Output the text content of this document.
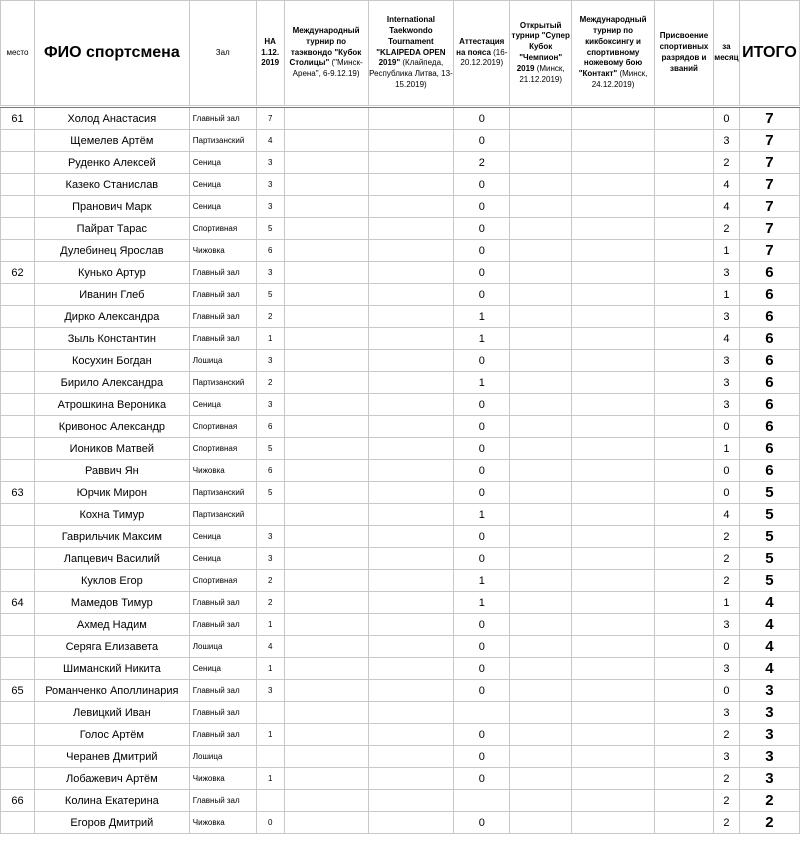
место	ФИО спортсмена	Зал	НА 1.12. 2019	Международный турнир по таэквондо "Кубок Столицы" ("Минск-Арена", 6-9.12.19)	International Taekwondo Tournament "KLAIPEDA OPEN 2019" (Клайпеда, Республика Литва, 13-15.2019)	Аттестация на пояса (16-20.12.2019)	Открытый турнир "Супер Кубок "Чемпион" 2019 (Минск, 21.12.2019)	Международный турнир по кикбоксингу и спортивному ножевому бою "Контакт" (Минск, 24.12.2019)	Присвоение спортивных разрядов и званий	за месяц	ИТОГО

61	Холод Анастасия	Главный зал	7			0				0	7
	Щемелев Артём	Партизанский	4			0				3	7
	Руденко Алексей	Сеница	3			2				2	7
	Казеко Станислав	Сеница	3			0				4	7
	Пранович Марк	Сеница	3			0				4	7
	Пайрат Тарас	Спортивная	5			0				2	7
	Дулебинец Ярослав	Чижовка	6			0				1	7
62	Кунько Артур	Главный зал	3			0				3	6
	Иванин Глеб	Главный зал	5			0				1	6
	Дирко Александра	Главный зал	2			1				3	6
	Зыль Константин	Главный зал	1			1				4	6
	Косухин Богдан	Лошица	3			0				3	6
	Бирило Александра	Партизанский	2			1				3	6
	Атрошкина Вероника	Сеница	3			0				3	6
	Кривонос Александр	Спортивная	6			0				0	6
	Иоников Матвей	Спортивная	5			0				1	6
	Раввич Ян	Чижовка	6			0				0	6
63	Юрчик Мирон	Партизанский	5			0				0	5
	Кохна Тимур	Партизанский				1				4	5
	Гаврильчик Максим	Сеница	3			0				2	5
	Лапцевич Василий	Сеница	3			0				2	5
	Куклов Егор	Спортивная	2			1				2	5
64	Мамедов Тимур	Главный зал	2			1				1	4
	Ахмед Надим	Главный зал	1			0				3	4
	Серяга Елизавета	Лошица	4			0				0	4
	Шиманский Никита	Сеница	1			0				3	4
65	Романченко Аполлинария	Главный зал	3			0				0	3
	Левицкий Иван	Главный зал								3	3
	Голос Артём	Главный зал	1			0				2	3
	Черанев Дмитрий	Лошица				0				3	3
	Лобажевич Артём	Чижовка	1			0				2	3
66	Колина Екатерина	Главный зал								2	2
	Егоров Дмитрий	Чижовка	0			0				2	2
